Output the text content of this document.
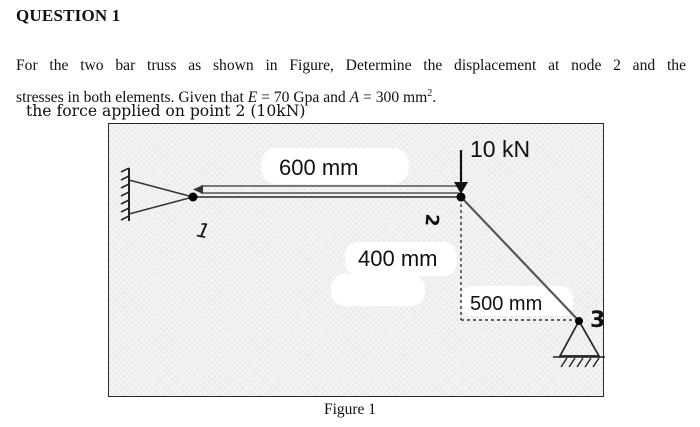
QUESTION 1
For the two bar truss as shown in Figure, Determine the displacement at node 2 and the
stresses in both elements. Given that E = 70 Gpa and A = 300 $mm^2$.
the force applied on point 2 (10kN)
600 mm
10 kN
400 mm
500 mm
1	2
3
Figure 1
